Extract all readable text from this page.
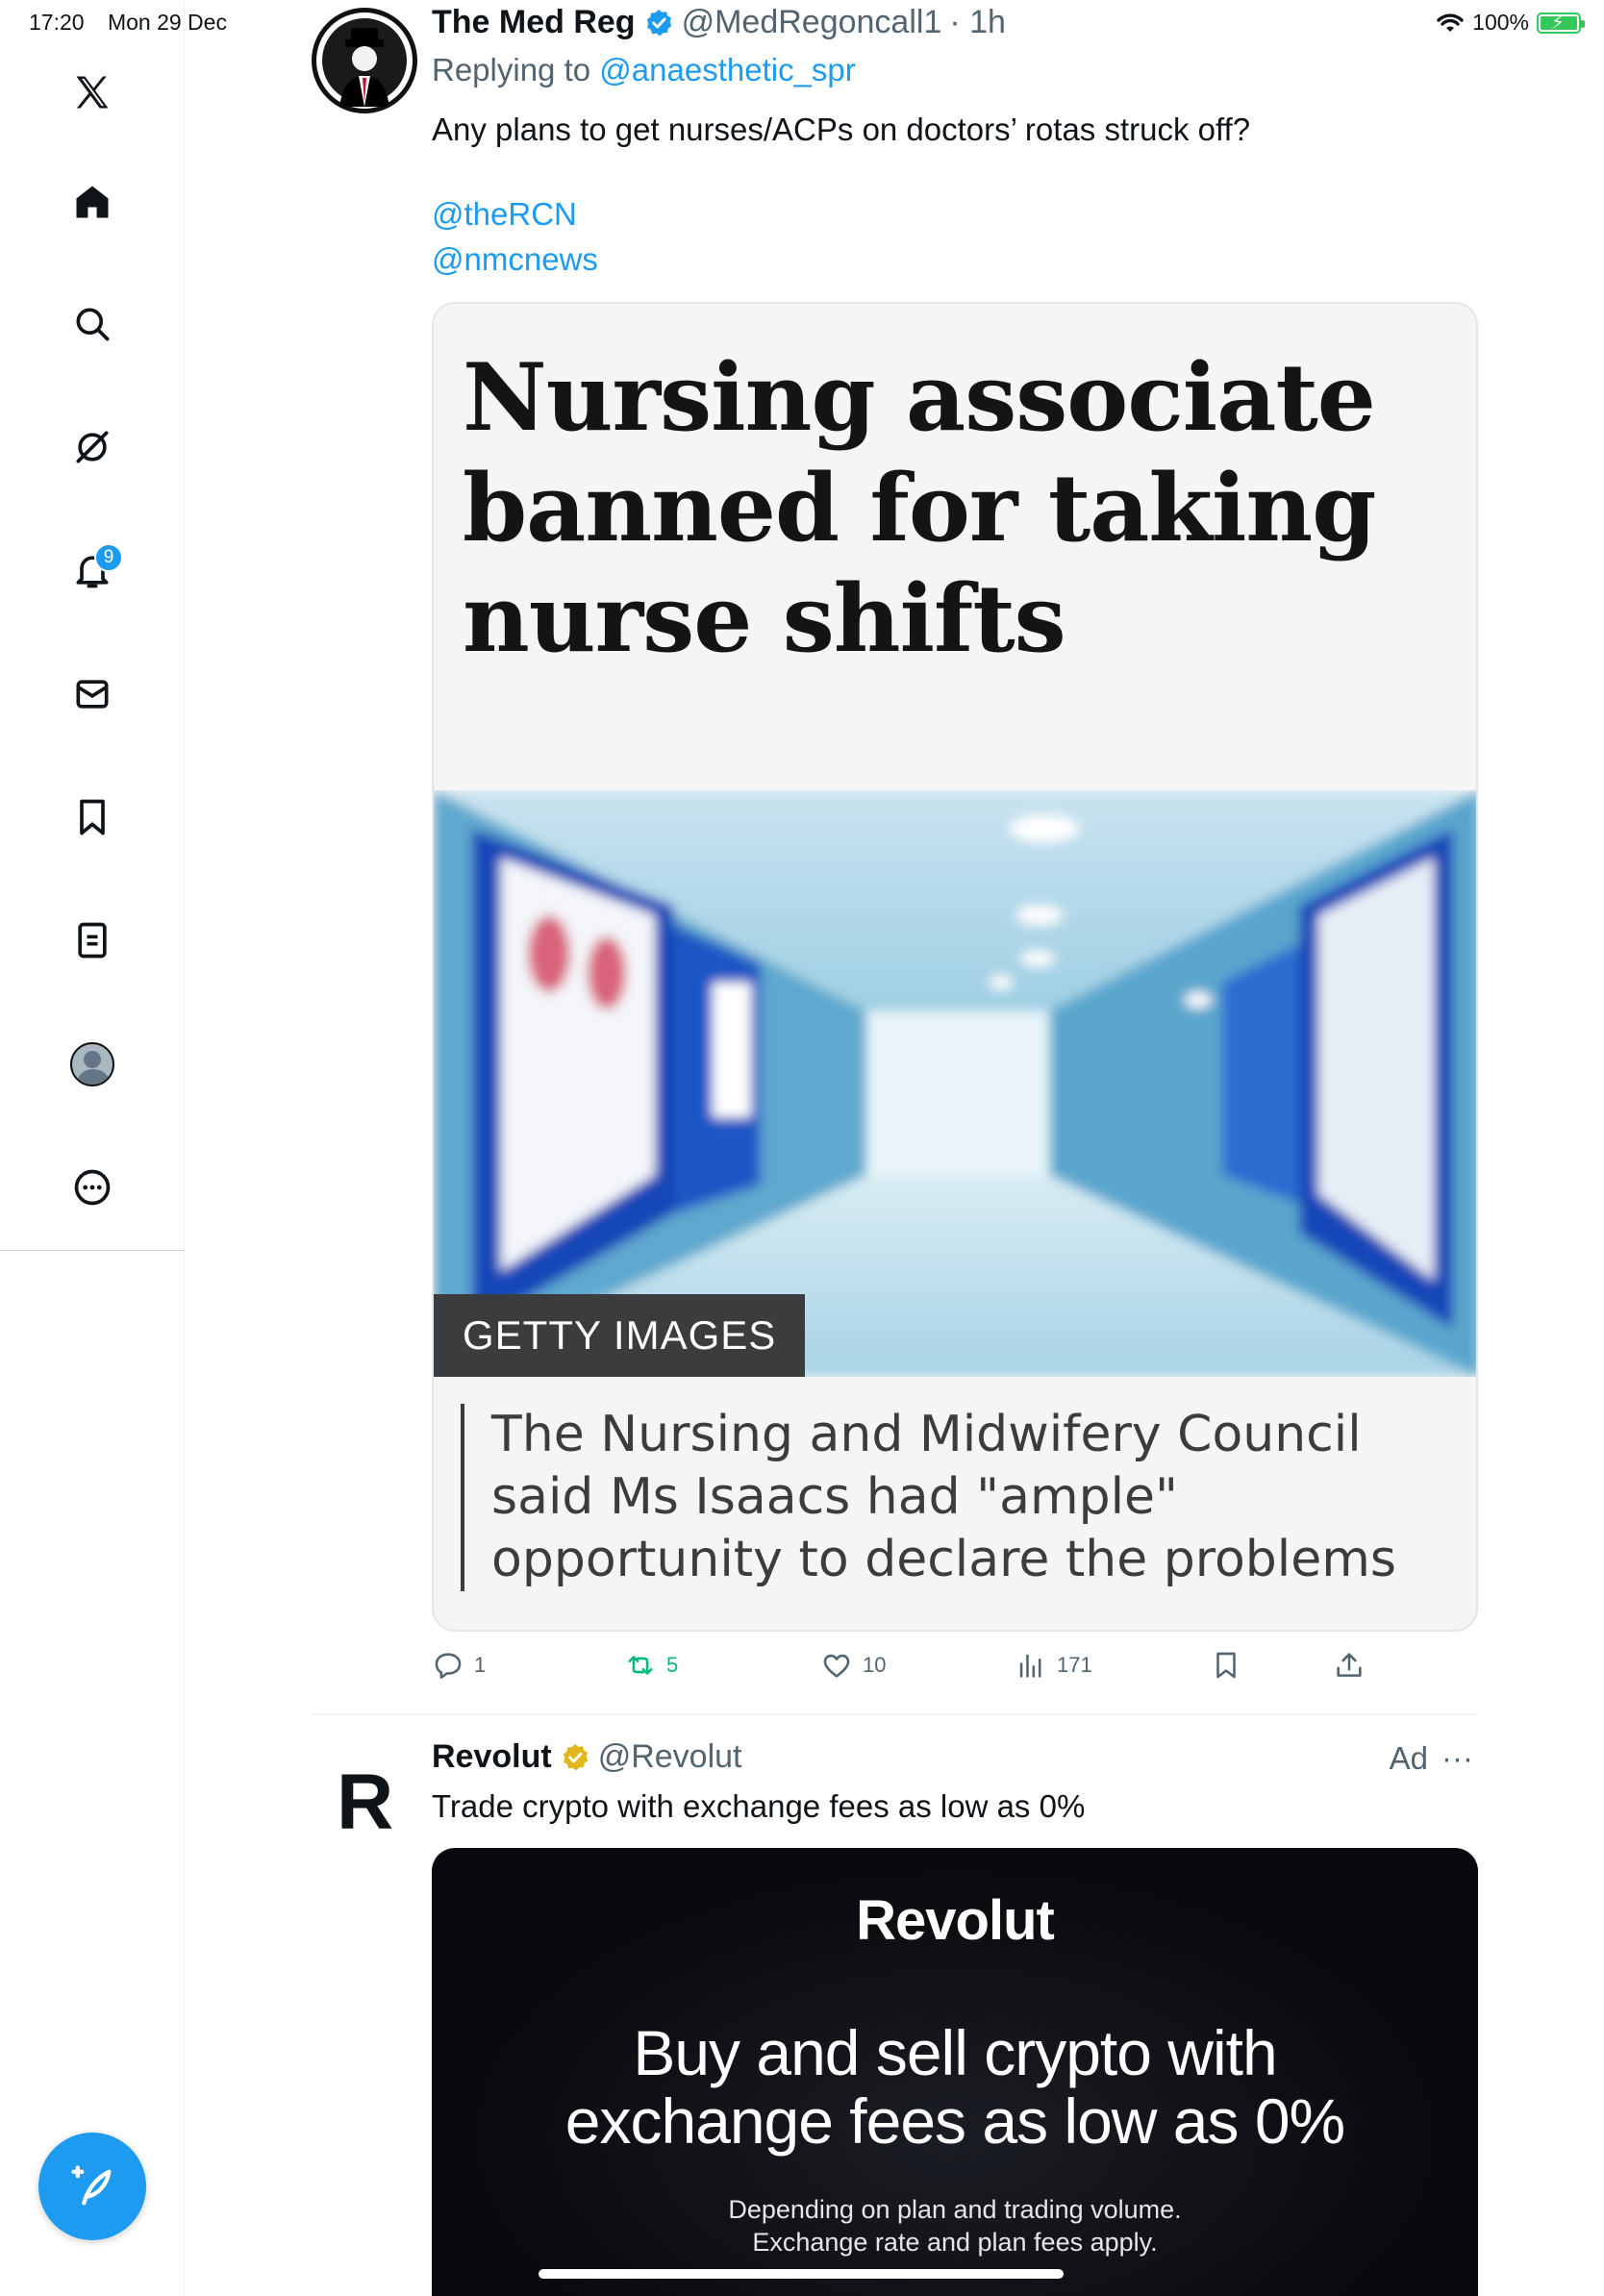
17:20 Mon 29 Dec	100% ⚡
9
The Med Reg @MedRegoncall1 · 1h
Replying to @anaesthetic_spr
Any plans to get nurses/ACPs on doctors’ rotas struck off?
@theRCN
@nmcnews
Nursing associate banned for taking nurse shifts
GETTY IMAGES
The Nursing and Midwifery Council said Ms Isaacs had "ample" opportunity to declare the problems
1	5	10	171
R
Revolut @Revolut	Ad ···
Trade crypto with exchange fees as low as 0%
Revolut
Buy and sell crypto with
exchange fees as low as 0%
Depending on plan and trading volume.
Exchange rate and plan fees apply.
